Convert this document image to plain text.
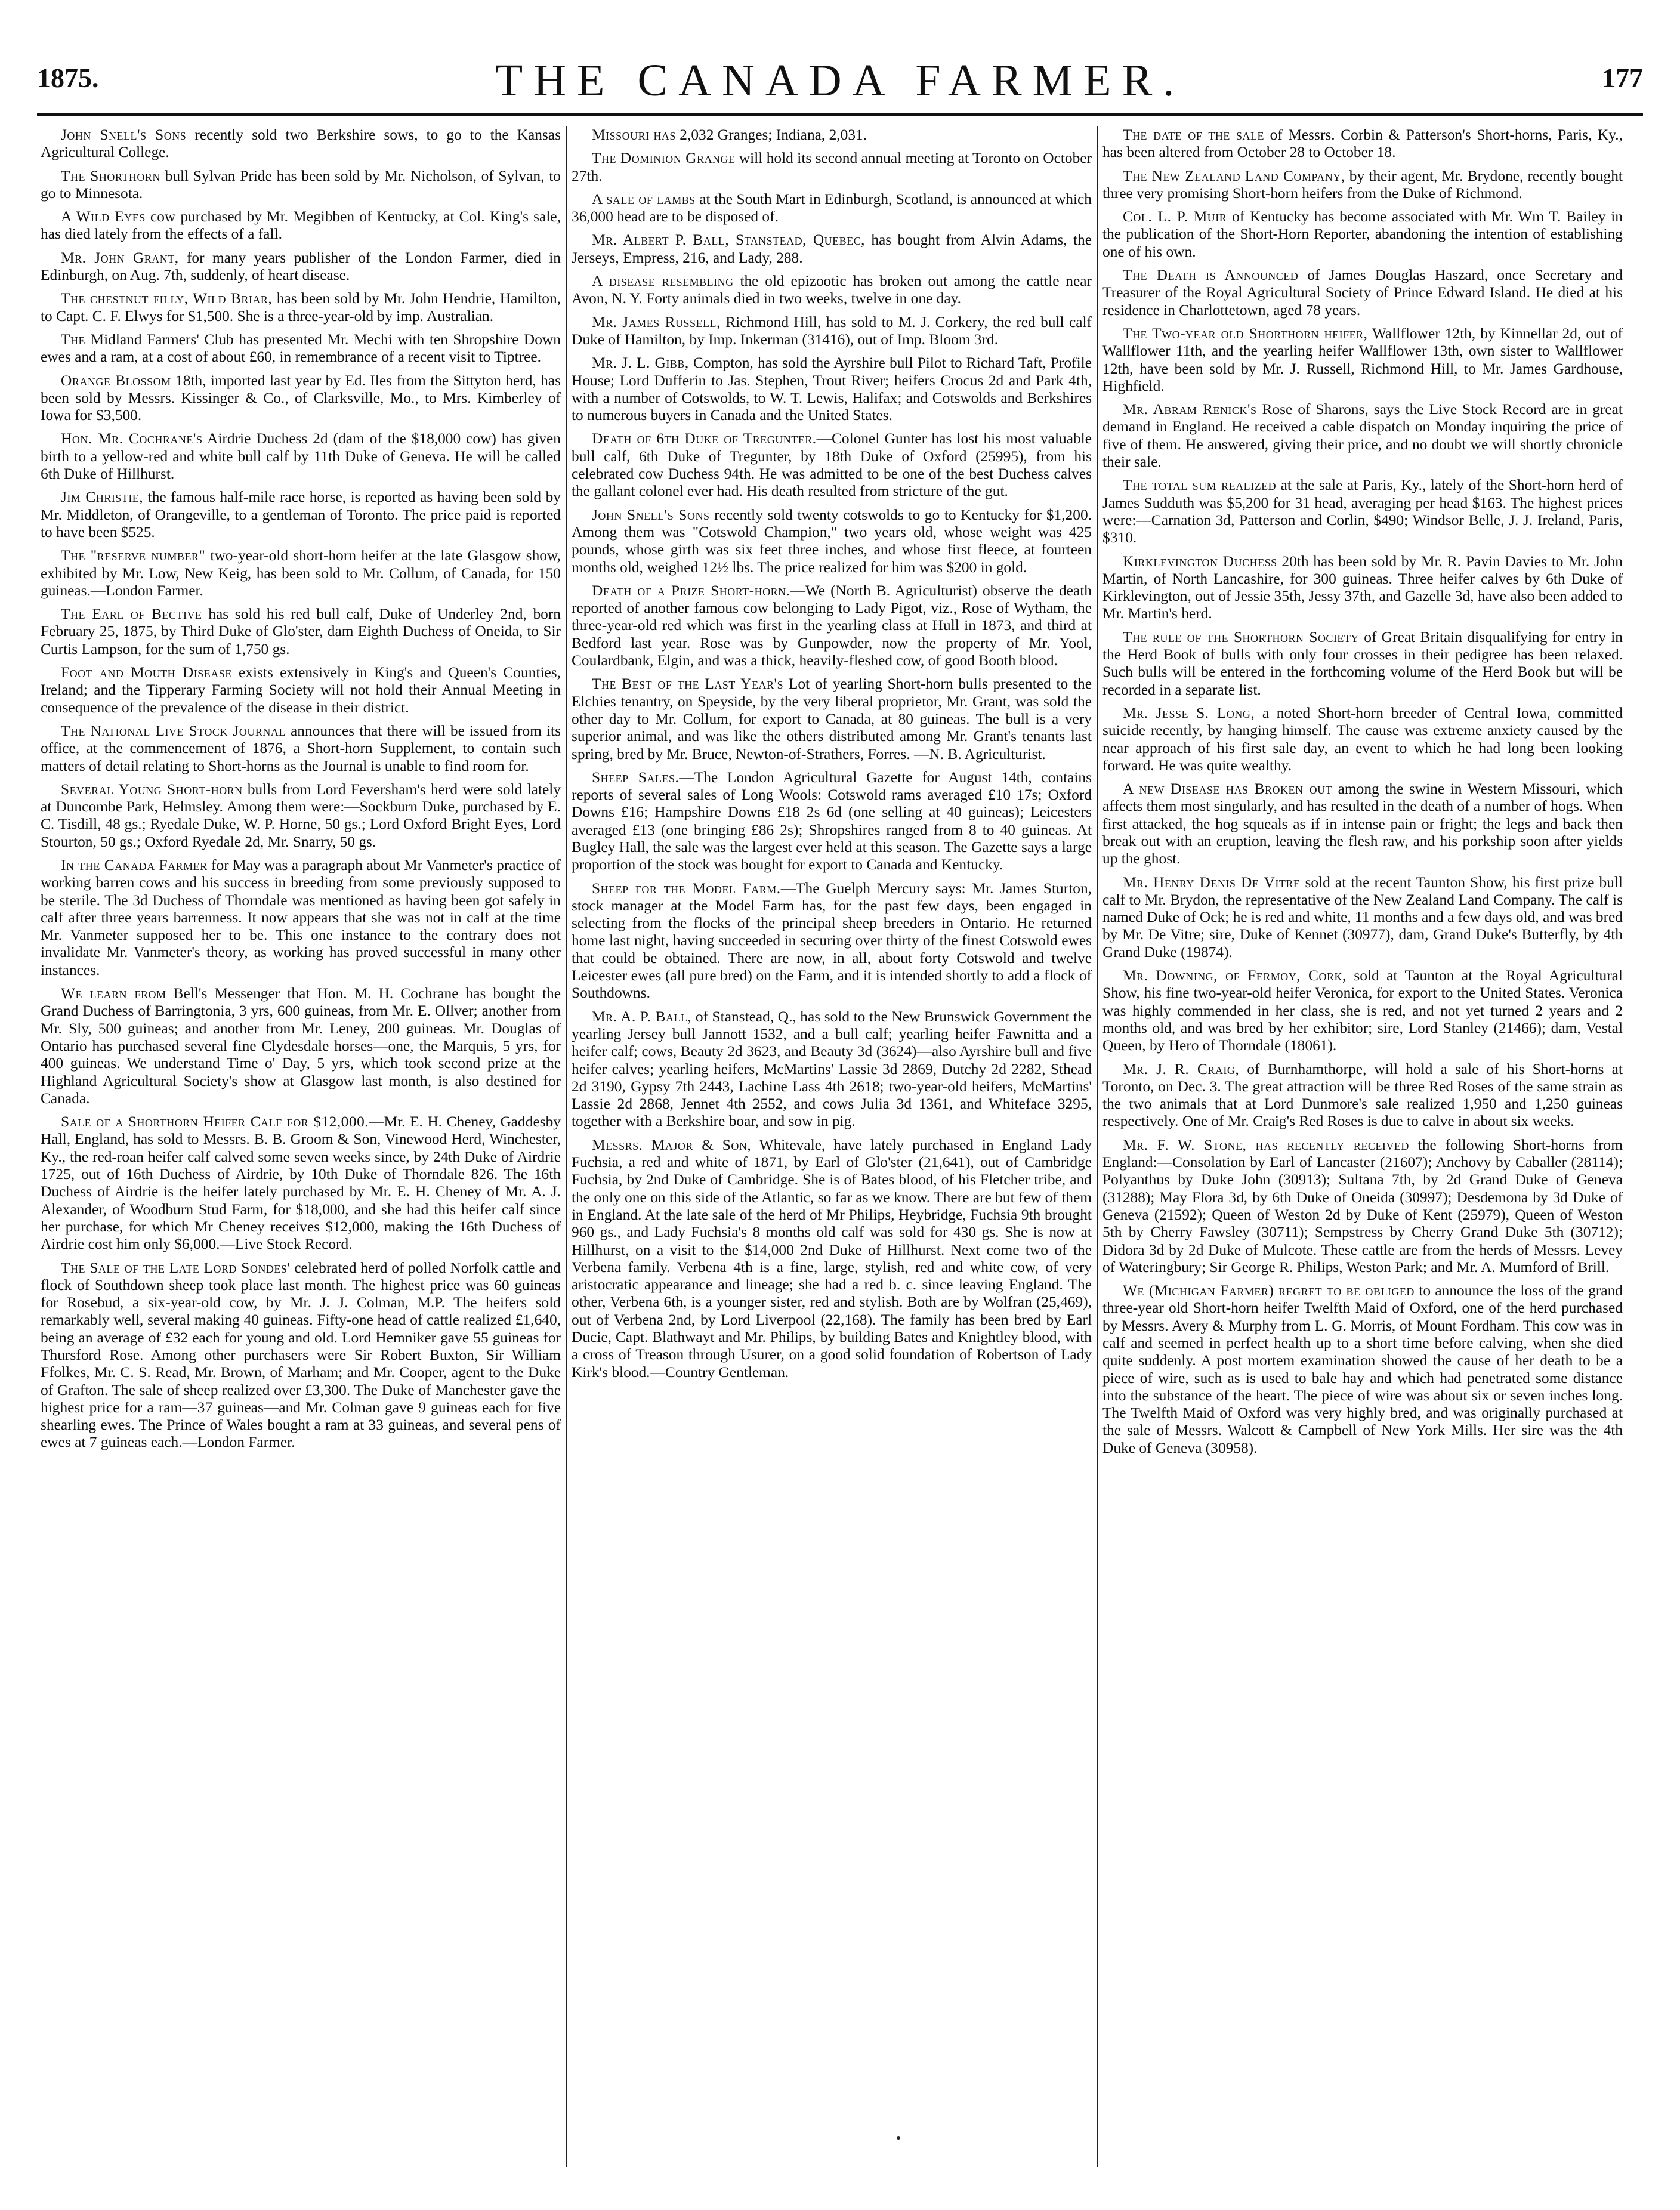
1875.	THE CANADA FARMER.	177

John Snell's Sons recently sold two Berkshire sows, to go to the Kansas Agricultural College.

The Shorthorn bull Sylvan Pride has been sold by Mr. Nicholson, of Sylvan, to go to Minnesota.

A Wild Eyes cow purchased by Mr. Megibben of Kentucky, at Col. King's sale, has died lately from the effects of a fall.

Mr. John Grant, for many years publisher of the London Farmer, died in Edinburgh, on Aug. 7th, suddenly, of heart disease.

The chestnut filly, Wild Briar, has been sold by Mr. John Hendrie, Hamilton, to Capt. C. F. Elwys for $1,500. She is a three-year-old by imp. Australian.

The Midland Farmers' Club has presented Mr. Mechi with ten Shropshire Down ewes and a ram, at a cost of about £60, in remembrance of a recent visit to Tiptree.

Orange Blossom 18th, imported last year by Ed. Iles from the Sittyton herd, has been sold by Messrs. Kissinger & Co., of Clarksville, Mo., to Mrs. Kimberley of Iowa for $3,500.

Hon. Mr. Cochrane's Airdrie Duchess 2d (dam of the $18,000 cow) has given birth to a yellow-red and white bull calf by 11th Duke of Geneva. He will be called 6th Duke of Hillhurst.

Jim Christie, the famous half-mile race horse, is reported as having been sold by Mr. Middleton, of Orangeville, to a gentleman of Toronto. The price paid is reported to have been $525.

The "reserve number" two-year-old short-horn heifer at the late Glasgow show, exhibited by Mr. Low, New Keig, has been sold to Mr. Collum, of Canada, for 150 guineas.—London Farmer.

The Earl of Bective has sold his red bull calf, Duke of Underley 2nd, born February 25, 1875, by Third Duke of Glo'ster, dam Eighth Duchess of Oneida, to Sir Curtis Lampson, for the sum of 1,750 gs.

Foot and Mouth Disease exists extensively in King's and Queen's Counties, Ireland; and the Tipperary Farming Society will not hold their Annual Meeting in consequence of the prevalence of the disease in their district.

The National Live Stock Journal announces that there will be issued from its office, at the commencement of 1876, a Short-horn Supplement, to contain such matters of detail relating to Short-horns as the Journal is unable to find room for.

Several Young Short-horn bulls from Lord Feversham's herd were sold lately at Duncombe Park, Helmsley. Among them were:—Sockburn Duke, purchased by E. C. Tisdill, 48 gs.; Ryedale Duke, W. P. Horne, 50 gs.; Lord Oxford Bright Eyes, Lord Stourton, 50 gs.; Oxford Ryedale 2d, Mr. Snarry, 50 gs.

In the Canada Farmer for May was a paragraph about Mr Vanmeter's practice of working barren cows and his success in breeding from some previously supposed to be sterile. The 3d Duchess of Thorndale was mentioned as having been got safely in calf after three years barrenness. It now appears that she was not in calf at the time Mr. Vanmeter supposed her to be. This one instance to the contrary does not invalidate Mr. Vanmeter's theory, as working has proved successful in many other instances.

We learn from Bell's Messenger that Hon. M. H. Cochrane has bought the Grand Duchess of Barringtonia, 3 yrs, 600 guineas, from Mr. E. Ollver; another from Mr. Sly, 500 guineas; and another from Mr. Leney, 200 guineas. Mr. Douglas of Ontario has purchased several fine Clydesdale horses—one, the Marquis, 5 yrs, for 400 guineas. We understand Time o' Day, 5 yrs, which took second prize at the Highland Agricultural Society's show at Glasgow last month, is also destined for Canada.

Sale of a Shorthorn Heifer Calf for $12,000.—Mr. E. H. Cheney, Gaddesby Hall, England, has sold to Messrs. B. B. Groom & Son, Vinewood Herd, Winchester, Ky., the red-roan heifer calf calved some seven weeks since, by 24th Duke of Airdrie 1725, out of 16th Duchess of Airdrie, by 10th Duke of Thorndale 826. The 16th Duchess of Airdrie is the heifer lately purchased by Mr. E. H. Cheney of Mr. A. J. Alexander, of Woodburn Stud Farm, for $18,000, and she had this heifer calf since her purchase, for which Mr Cheney receives $12,000, making the 16th Duchess of Airdrie cost him only $6,000.—Live Stock Record.

The Sale of the Late Lord Sondes' celebrated herd of polled Norfolk cattle and flock of Southdown sheep took place last month. The highest price was 60 guineas for Rosebud, a six-year-old cow, by Mr. J. J. Colman, M.P. The heifers sold remarkably well, several making 40 guineas. Fifty-one head of cattle realized £1,640, being an average of £32 each for young and old. Lord Hemniker gave 55 guineas for Thursford Rose. Among other purchasers were Sir Robert Buxton, Sir William Ffolkes, Mr. C. S. Read, Mr. Brown, of Marham; and Mr. Cooper, agent to the Duke of Grafton. The sale of sheep realized over £3,300. The Duke of Manchester gave the highest price for a ram—37 guineas—and Mr. Colman gave 9 guineas each for five shearling ewes. The Prince of Wales bought a ram at 33 guineas, and several pens of ewes at 7 guineas each.—London Farmer.

Missouri has 2,032 Granges; Indiana, 2,031.

The Dominion Grange will hold its second annual meeting at Toronto on October 27th.

A sale of lambs at the South Mart in Edinburgh, Scotland, is announced at which 36,000 head are to be disposed of.

Mr. Albert P. Ball, Stanstead, Quebec, has bought from Alvin Adams, the Jerseys, Empress, 216, and Lady, 288.

A disease resembling the old epizootic has broken out among the cattle near Avon, N. Y. Forty animals died in two weeks, twelve in one day.

Mr. James Russell, Richmond Hill, has sold to M. J. Corkery, the red bull calf Duke of Hamilton, by Imp. Inkerman (31416), out of Imp. Bloom 3rd.

Mr. J. L. Gibb, Compton, has sold the Ayrshire bull Pilot to Richard Taft, Profile House; Lord Dufferin to Jas. Stephen, Trout River; heifers Crocus 2d and Park 4th, with a number of Cotswolds, to W. T. Lewis, Halifax; and Cotswolds and Berkshires to numerous buyers in Canada and the United States.

Death of 6th Duke of Tregunter.—Colonel Gunter has lost his most valuable bull calf, 6th Duke of Tregunter, by 18th Duke of Oxford (25995), from his celebrated cow Duchess 94th. He was admitted to be one of the best Duchess calves the gallant colonel ever had. His death resulted from stricture of the gut.

John Snell's Sons recently sold twenty cotswolds to go to Kentucky for $1,200. Among them was "Cotswold Champion," two years old, whose weight was 425 pounds, whose girth was six feet three inches, and whose first fleece, at fourteen months old, weighed 12½ lbs. The price realized for him was $200 in gold.

Death of a Prize Short-horn.—We (North B. Agriculturist) observe the death reported of another famous cow belonging to Lady Pigot, viz., Rose of Wytham, the three-year-old red which was first in the yearling class at Hull in 1873, and third at Bedford last year. Rose was by Gunpowder, now the property of Mr. Yool, Coulardbank, Elgin, and was a thick, heavily-fleshed cow, of good Booth blood.

The Best of the Last Year's Lot of yearling Short-horn bulls presented to the Elchies tenantry, on Speyside, by the very liberal proprietor, Mr. Grant, was sold the other day to Mr. Collum, for export to Canada, at 80 guineas. The bull is a very superior animal, and was like the others distributed among Mr. Grant's tenants last spring, bred by Mr. Bruce, Newton-of-Strathers, Forres. —N. B. Agriculturist.

Sheep Sales.—The London Agricultural Gazette for August 14th, contains reports of several sales of Long Wools: Cotswold rams averaged £10 17s; Oxford Downs £16; Hampshire Downs £18 2s 6d (one selling at 40 guineas); Leicesters averaged £13 (one bringing £86 2s); Shropshires ranged from 8 to 40 guineas. At Bugley Hall, the sale was the largest ever held at this season. The Gazette says a large proportion of the stock was bought for export to Canada and Kentucky.

Sheep for the Model Farm.—The Guelph Mercury says: Mr. James Sturton, stock manager at the Model Farm has, for the past few days, been engaged in selecting from the flocks of the principal sheep breeders in Ontario. He returned home last night, having succeeded in securing over thirty of the finest Cotswold ewes that could be obtained. There are now, in all, about forty Cotswold and twelve Leicester ewes (all pure bred) on the Farm, and it is intended shortly to add a flock of Southdowns.

Mr. A. P. Ball, of Stanstead, Q., has sold to the New Brunswick Government the yearling Jersey bull Jannott 1532, and a bull calf; yearling heifer Fawnitta and a heifer calf; cows, Beauty 2d 3623, and Beauty 3d (3624)—also Ayrshire bull and five heifer calves; yearling heifers, McMartins' Lassie 3d 2869, Dutchy 2d 2282, Sthead 2d 3190, Gypsy 7th 2443, Lachine Lass 4th 2618; two-year-old heifers, McMartins' Lassie 2d 2868, Jennet 4th 2552, and cows Julia 3d 1361, and Whiteface 3295, together with a Berkshire boar, and sow in pig.

Messrs. Major & Son, Whitevale, have lately purchased in England Lady Fuchsia, a red and white of 1871, by Earl of Glo'ster (21,641), out of Cambridge Fuchsia, by 2nd Duke of Cambridge. She is of Bates blood, of his Fletcher tribe, and the only one on this side of the Atlantic, so far as we know. There are but few of them in England. At the late sale of the herd of Mr Philips, Heybridge, Fuchsia 9th brought 960 gs., and Lady Fuchsia's 8 months old calf was sold for 430 gs. She is now at Hillhurst, on a visit to the $14,000 2nd Duke of Hillhurst. Next come two of the Verbena family. Verbena 4th is a fine, large, stylish, red and white cow, of very aristocratic appearance and lineage; she had a red b. c. since leaving England. The other, Verbena 6th, is a younger sister, red and stylish. Both are by Wolfran (25,469), out of Verbena 2nd, by Lord Liverpool (22,168). The family has been bred by Earl Ducie, Capt. Blathwayt and Mr. Philips, by building Bates and Knightley blood, with a cross of Treason through Usurer, on a good solid foundation of Robertson of Lady Kirk's blood.—Country Gentleman.

The date of the sale of Messrs. Corbin & Patterson's Short-horns, Paris, Ky., has been altered from October 28 to October 18.

The New Zealand Land Company, by their agent, Mr. Brydone, recently bought three very promising Short-horn heifers from the Duke of Richmond.

Col. L. P. Muir of Kentucky has become associated with Mr. Wm T. Bailey in the publication of the Short-Horn Reporter, abandoning the intention of establishing one of his own.

The Death is Announced of James Douglas Haszard, once Secretary and Treasurer of the Royal Agricultural Society of Prince Edward Island. He died at his residence in Charlottetown, aged 78 years.

The Two-year old Shorthorn heifer, Wallflower 12th, by Kinnellar 2d, out of Wallflower 11th, and the yearling heifer Wallflower 13th, own sister to Wallflower 12th, have been sold by Mr. J. Russell, Richmond Hill, to Mr. James Gardhouse, Highfield.

Mr. Abram Renick's Rose of Sharons, says the Live Stock Record are in great demand in England. He received a cable dispatch on Monday inquiring the price of five of them. He answered, giving their price, and no doubt we will shortly chronicle their sale.

The total sum realized at the sale at Paris, Ky., lately of the Short-horn herd of James Sudduth was $5,200 for 31 head, averaging per head $163. The highest prices were:—Carnation 3d, Patterson and Corlin, $490; Windsor Belle, J. J. Ireland, Paris, $310.

Kirklevington Duchess 20th has been sold by Mr. R. Pavin Davies to Mr. John Martin, of North Lancashire, for 300 guineas. Three heifer calves by 6th Duke of Kirklevington, out of Jessie 35th, Jessy 37th, and Gazelle 3d, have also been added to Mr. Martin's herd.

The rule of the Shorthorn Society of Great Britain disqualifying for entry in the Herd Book of bulls with only four crosses in their pedigree has been relaxed. Such bulls will be entered in the forthcoming volume of the Herd Book but will be recorded in a separate list.

Mr. Jesse S. Long, a noted Short-horn breeder of Central Iowa, committed suicide recently, by hanging himself. The cause was extreme anxiety caused by the near approach of his first sale day, an event to which he had long been looking forward. He was quite wealthy.

A new Disease has Broken out among the swine in Western Missouri, which affects them most singularly, and has resulted in the death of a number of hogs. When first attacked, the hog squeals as if in intense pain or fright; the legs and back then break out with an eruption, leaving the flesh raw, and his porkship soon after yields up the ghost.

Mr. Henry Denis De Vitre sold at the recent Taunton Show, his first prize bull calf to Mr. Brydon, the representative of the New Zealand Land Company. The calf is named Duke of Ock; he is red and white, 11 months and a few days old, and was bred by Mr. De Vitre; sire, Duke of Kennet (30977), dam, Grand Duke's Butterfly, by 4th Grand Duke (19874).

Mr. Downing, of Fermoy, Cork, sold at Taunton at the Royal Agricultural Show, his fine two-year-old heifer Veronica, for export to the United States. Veronica was highly commended in her class, she is red, and not yet turned 2 years and 2 months old, and was bred by her exhibitor; sire, Lord Stanley (21466); dam, Vestal Queen, by Hero of Thorndale (18061).

Mr. J. R. Craig, of Burnhamthorpe, will hold a sale of his Short-horns at Toronto, on Dec. 3. The great attraction will be three Red Roses of the same strain as the two animals that at Lord Dunmore's sale realized 1,950 and 1,250 guineas respectively. One of Mr. Craig's Red Roses is due to calve in about six weeks.

Mr. F. W. Stone, has recently received the following Short-horns from England:—Consolation by Earl of Lancaster (21607); Anchovy by Caballer (28114); Polyanthus by Duke John (30913); Sultana 7th, by 2d Grand Duke of Geneva (31288); May Flora 3d, by 6th Duke of Oneida (30997); Desdemona by 3d Duke of Geneva (21592); Queen of Weston 2d by Duke of Kent (25979), Queen of Weston 5th by Cherry Fawsley (30711); Sempstress by Cherry Grand Duke 5th (30712); Didora 3d by 2d Duke of Mulcote. These cattle are from the herds of Messrs. Levey of Wateringbury; Sir George R. Philips, Weston Park; and Mr. A. Mumford of Brill.

We (Michigan Farmer) regret to be obliged to announce the loss of the grand three-year old Short-horn heifer Twelfth Maid of Oxford, one of the herd purchased by Messrs. Avery & Murphy from L. G. Morris, of Mount Fordham. This cow was in calf and seemed in perfect health up to a short time before calving, when she died quite suddenly. A post mortem examination showed the cause of her death to be a piece of wire, such as is used to bale hay and which had penetrated some distance into the substance of the heart. The piece of wire was about six or seven inches long. The Twelfth Maid of Oxford was very highly bred, and was originally purchased at the sale of Messrs. Walcott & Campbell of New York Mills. Her sire was the 4th Duke of Geneva (30958).
